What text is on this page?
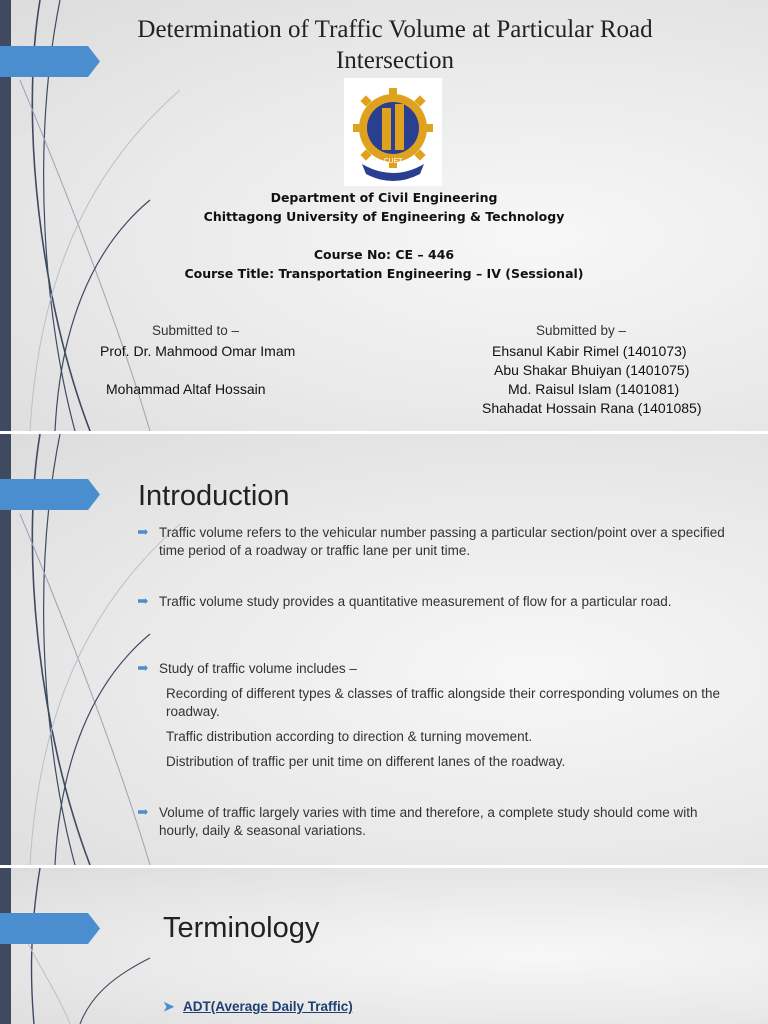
Determination of Traffic Volume at Particular Road Intersection
CUET
Department of Civil Engineering
Chittagong University of Engineering & Technology
Course No: CE – 446
Course Title: Transportation Engineering – IV (Sessional)
Submitted to –
Prof. Dr. Mahmood Omar Imam
Mohammad Altaf Hossain
Submitted by –
Ehsanul Kabir Rimel (1401073)
Abu Shakar Bhuiyan (1401075)
Md. Raisul Islam (1401081)
Shahadat Hossain Rana (1401085)
Introduction
Traffic volume refers to the vehicular number passing a particular section/point over a specified time period of a roadway or traffic lane per unit time.
Traffic volume study provides a quantitative measurement of flow for a particular road.
Study of traffic volume includes –
Recording of different types & classes of traffic alongside their corresponding volumes on the roadway.
Traffic distribution according to direction & turning movement.
Distribution of traffic per unit time on different lanes of the roadway.
Volume of traffic largely varies with time and therefore, a complete study should come with hourly, daily & seasonal variations.
Terminology
➤ ADT(Average Daily Traffic)
